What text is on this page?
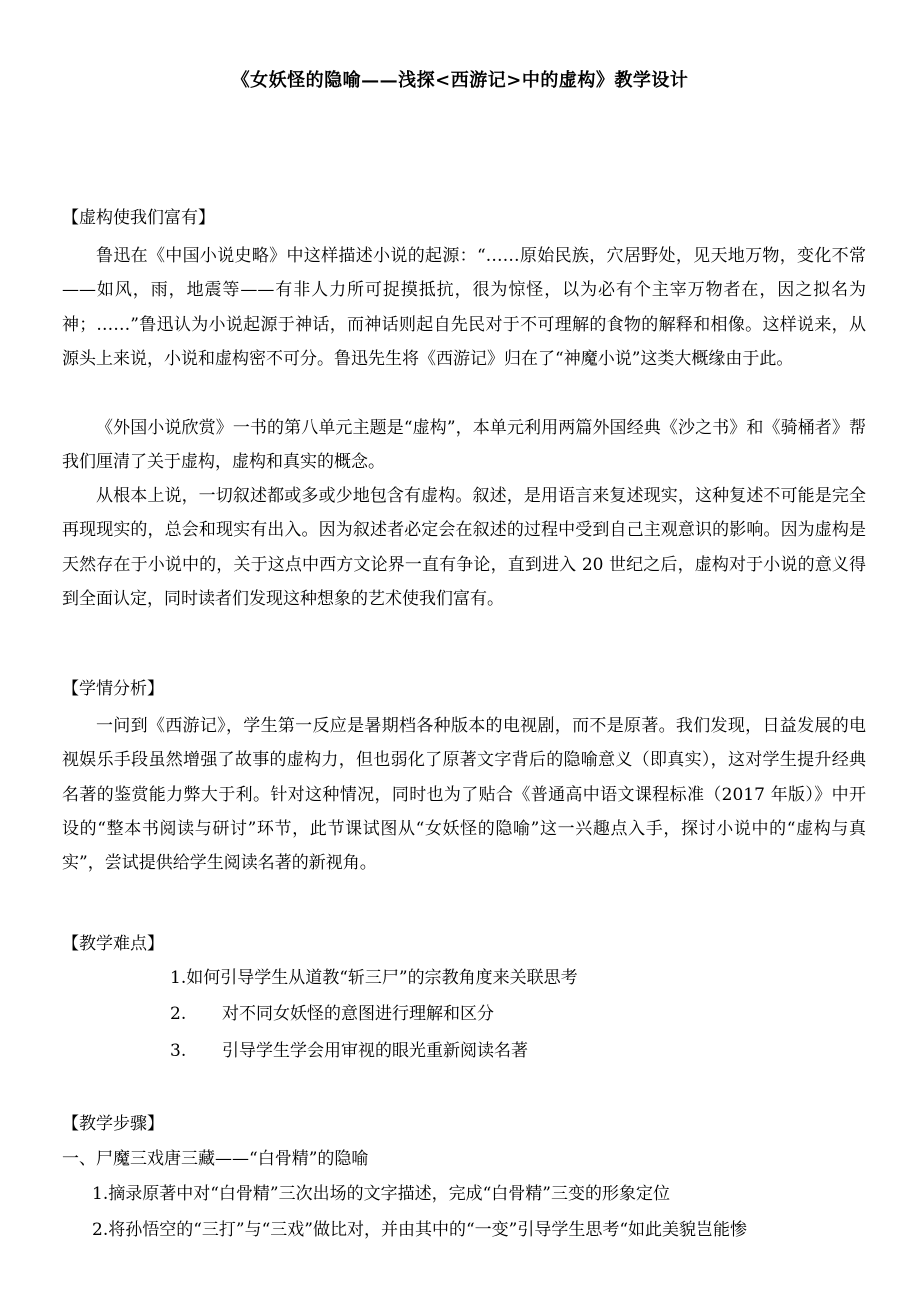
《女妖怪的隐喻——浅探<西游记>中的虚构》教学设计
【虚构使我们富有】
鲁迅在《中国小说史略》中这样描述小说的起源：“……原始民族，穴居野处，见天地万物，变化不常——如风，雨，地震等——有非人力所可捉摸抵抗，很为惊怪，以为必有个主宰万物者在，因之拟名为神；……”鲁迅认为小说起源于神话，而神话则起自先民对于不可理解的食物的解释和相像。这样说来，从源头上来说，小说和虚构密不可分。鲁迅先生将《西游记》归在了“神魔小说”这类大概缘由于此。
《外国小说欣赏》一书的第八单元主题是“虚构”，本单元利用两篇外国经典《沙之书》和《骑桶者》帮我们厘清了关于虚构，虚构和真实的概念。
从根本上说，一切叙述都或多或少地包含有虚构。叙述，是用语言来复述现实，这种复述不可能是完全再现现实的，总会和现实有出入。因为叙述者必定会在叙述的过程中受到自己主观意识的影响。因为虚构是天然存在于小说中的，关于这点中西方文论界一直有争论，直到进入 20 世纪之后，虚构对于小说的意义得到全面认定，同时读者们发现这种想象的艺术使我们富有。
【学情分析】
一问到《西游记》，学生第一反应是暑期档各种版本的电视剧，而不是原著。我们发现，日益发展的电视娱乐手段虽然增强了故事的虚构力，但也弱化了原著文字背后的隐喻意义（即真实），这对学生提升经典名著的鉴赏能力弊大于利。针对这种情况，同时也为了贴合《普通高中语文课程标准（2017 年版）》中开设的“整本书阅读与研讨”环节，此节课试图从“女妖怪的隐喻”这一兴趣点入手，探讨小说中的“虚构与真实”，尝试提供给学生阅读名著的新视角。
【教学难点】
1.如何引导学生从道教“斩三尸”的宗教角度来关联思考
2. 对不同女妖怪的意图进行理解和区分
3. 引导学生学会用审视的眼光重新阅读名著
【教学步骤】
一、尸魔三戏唐三藏——“白骨精”的隐喻
1.摘录原著中对“白骨精”三次出场的文字描述，完成“白骨精”三变的形象定位
2.将孙悟空的“三打”与“三戏”做比对，并由其中的“一变”引导学生思考“如此美貌岂能惨
